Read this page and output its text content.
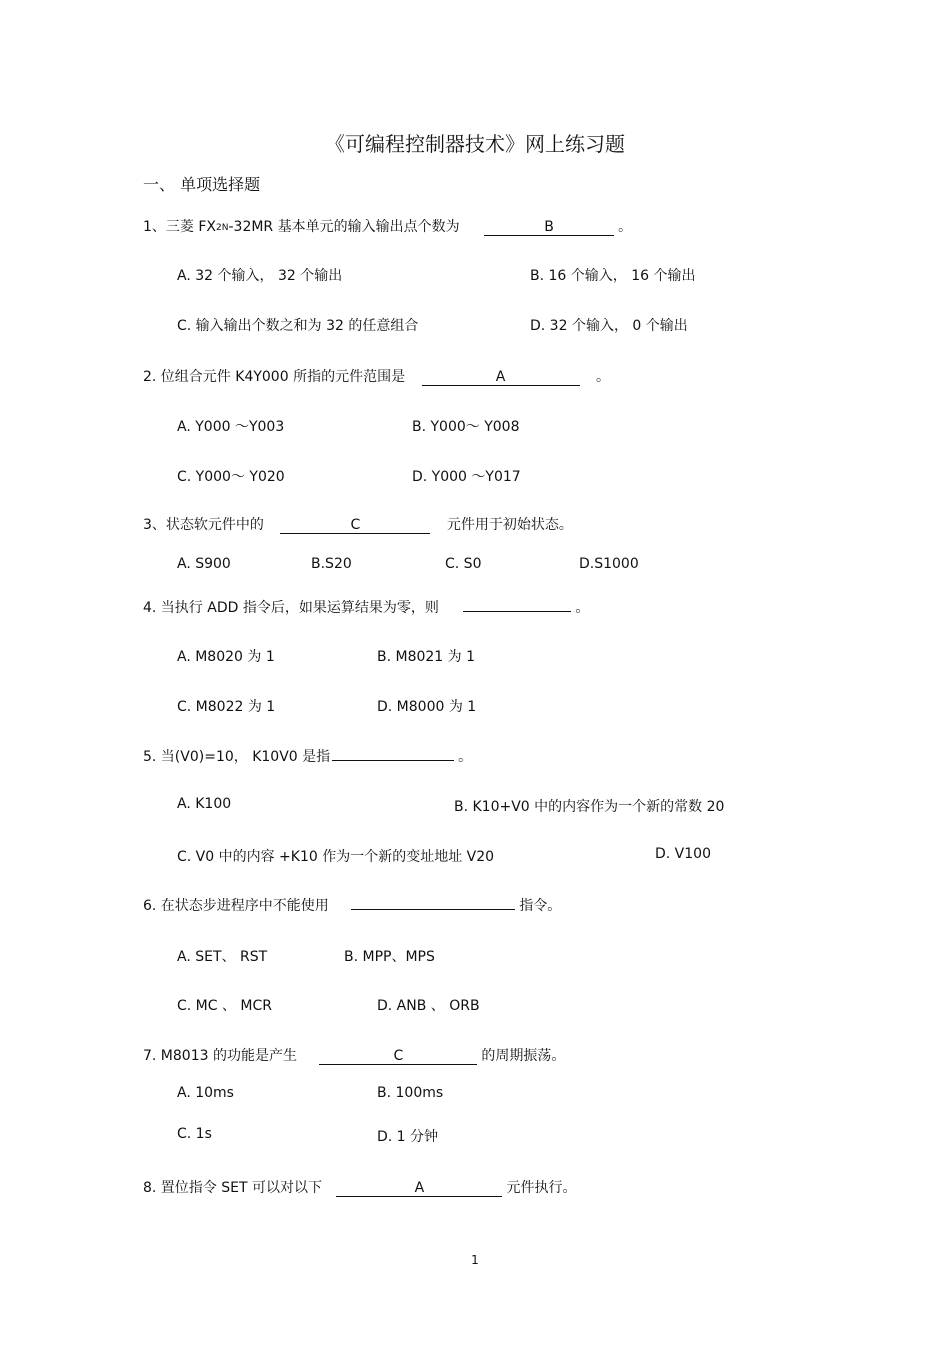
《可编程控制器技术》网上练习题
一、 单项选择题
1、三菱 $FX_{2N}-32MR$ 基本单元的输入输出点个数为	B	。
A. 32 个输入， 32 个输出	B. 16 个输入， 16 个输出
C. 输入输出个数之和为 32 的任意组合	D. 32 个输入， 0 个输出
2. 位组合元件 K4Y000 所指的元件范围是	A	。
A. Y000 ～Y003	B. Y000～ Y008
C. Y000～ Y020	D. Y000 ～Y017
3、状态软元件中的	C	元件用于初始状态。
A. S900	B.S20	C. S0	D.S1000
4. 当执行 ADD 指令后，如果运算结果为零，则	。
A. M8020 为 1	B. M8021 为 1
C. M8022 为 1	D. M8000 为 1
5. 当(V0)=10， K10V0 是指	。
A. K100	B. K10+V0 中的内容作为一个新的常数 20
C. V0 中的内容 +K10 作为一个新的变址地址 V20	D. V100
6. 在状态步进程序中不能使用	指令。
A. SET、 RST	B. MPP、MPS
C. MC 、 MCR	D. ANB 、 ORB
7. M8013 的功能是产生	C	的周期振荡。
A. 10ms	B. 100ms
C. 1s	D. 1 分钟
8. 置位指令 SET 可以对以下	A	元件执行。
1
